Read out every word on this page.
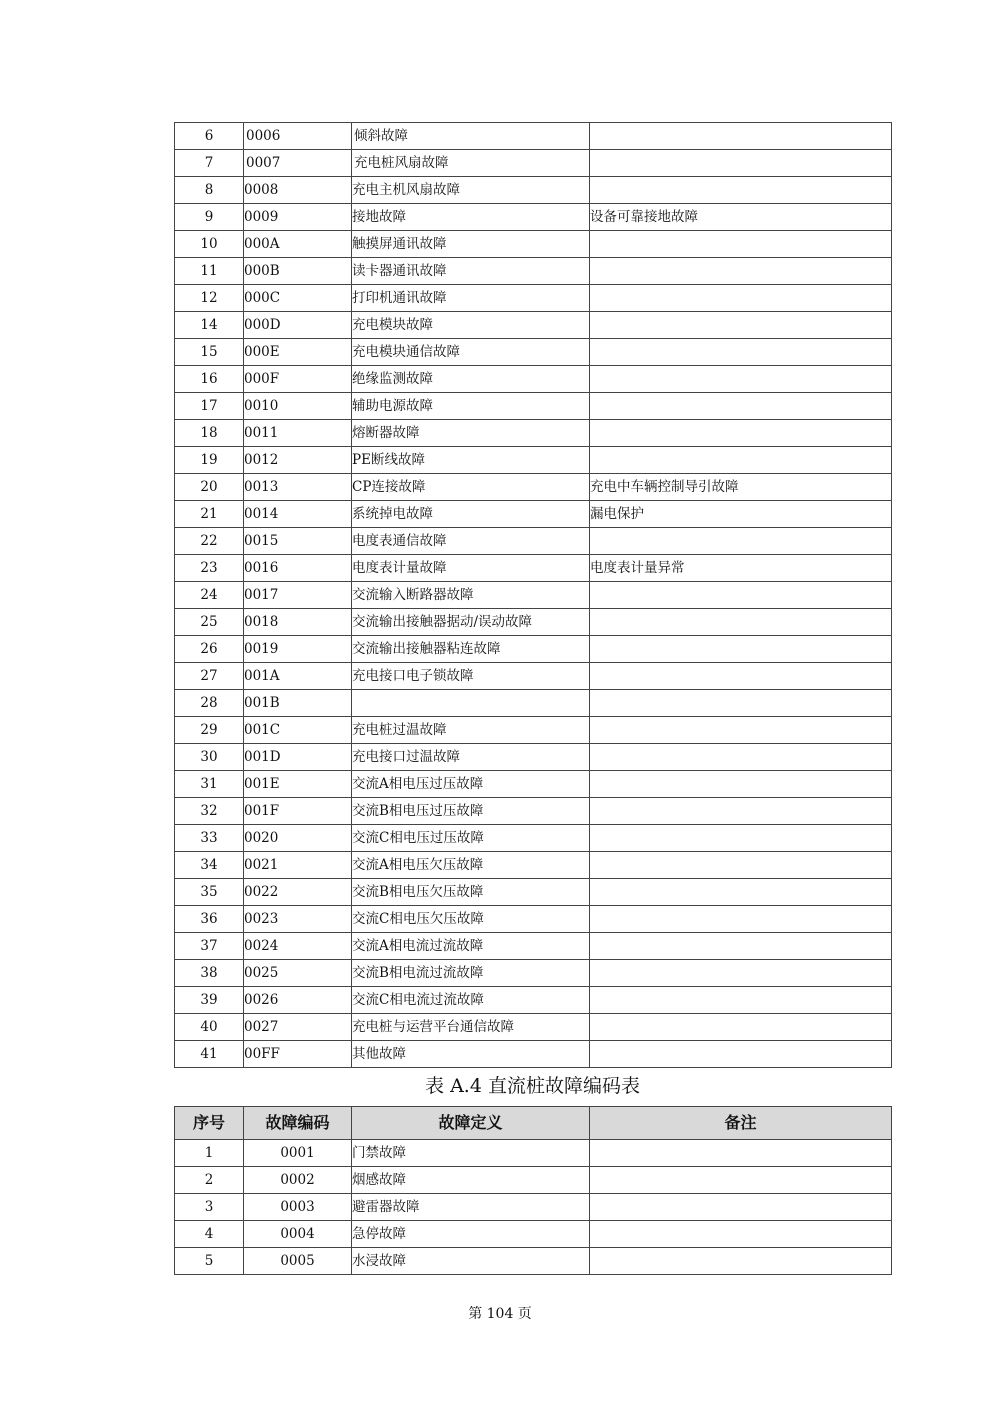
6	0006	倾斜故障	
7	0007	充电桩风扇故障	
8	0008	充电主机风扇故障	
9	0009	接地故障	设备可靠接地故障
10	000A	触摸屏通讯故障	
11	000B	读卡器通讯故障	
12	000C	打印机通讯故障	
14	000D	充电模块故障	
15	000E	充电模块通信故障	
16	000F	绝缘监测故障	
17	0010	辅助电源故障	
18	0011	熔断器故障	
19	0012	PE断线故障	
20	0013	CP连接故障	充电中车辆控制导引故障
21	0014	系统掉电故障	漏电保护
22	0015	电度表通信故障	
23	0016	电度表计量故障	电度表计量异常
24	0017	交流输入断路器故障	
25	0018	交流输出接触器据动/误动故障	
26	0019	交流输出接触器粘连故障	
27	001A	充电接口电子锁故障	
28	001B		
29	001C	充电桩过温故障	
30	001D	充电接口过温故障	
31	001E	交流A相电压过压故障	
32	001F	交流B相电压过压故障	
33	0020	交流C相电压过压故障	
34	0021	交流A相电压欠压故障	
35	0022	交流B相电压欠压故障	
36	0023	交流C相电压欠压故障	
37	0024	交流A相电流过流故障	
38	0025	交流B相电流过流故障	
39	0026	交流C相电流过流故障	
40	0027	充电桩与运营平台通信故障	
41	00FF	其他故障	
表 A.4 直流桩故障编码表
序号	故障编码	故障定义	备注
1	0001	门禁故障	
2	0002	烟感故障	
3	0003	避雷器故障	
4	0004	急停故障	
5	0005	水浸故障	
第 104 页
